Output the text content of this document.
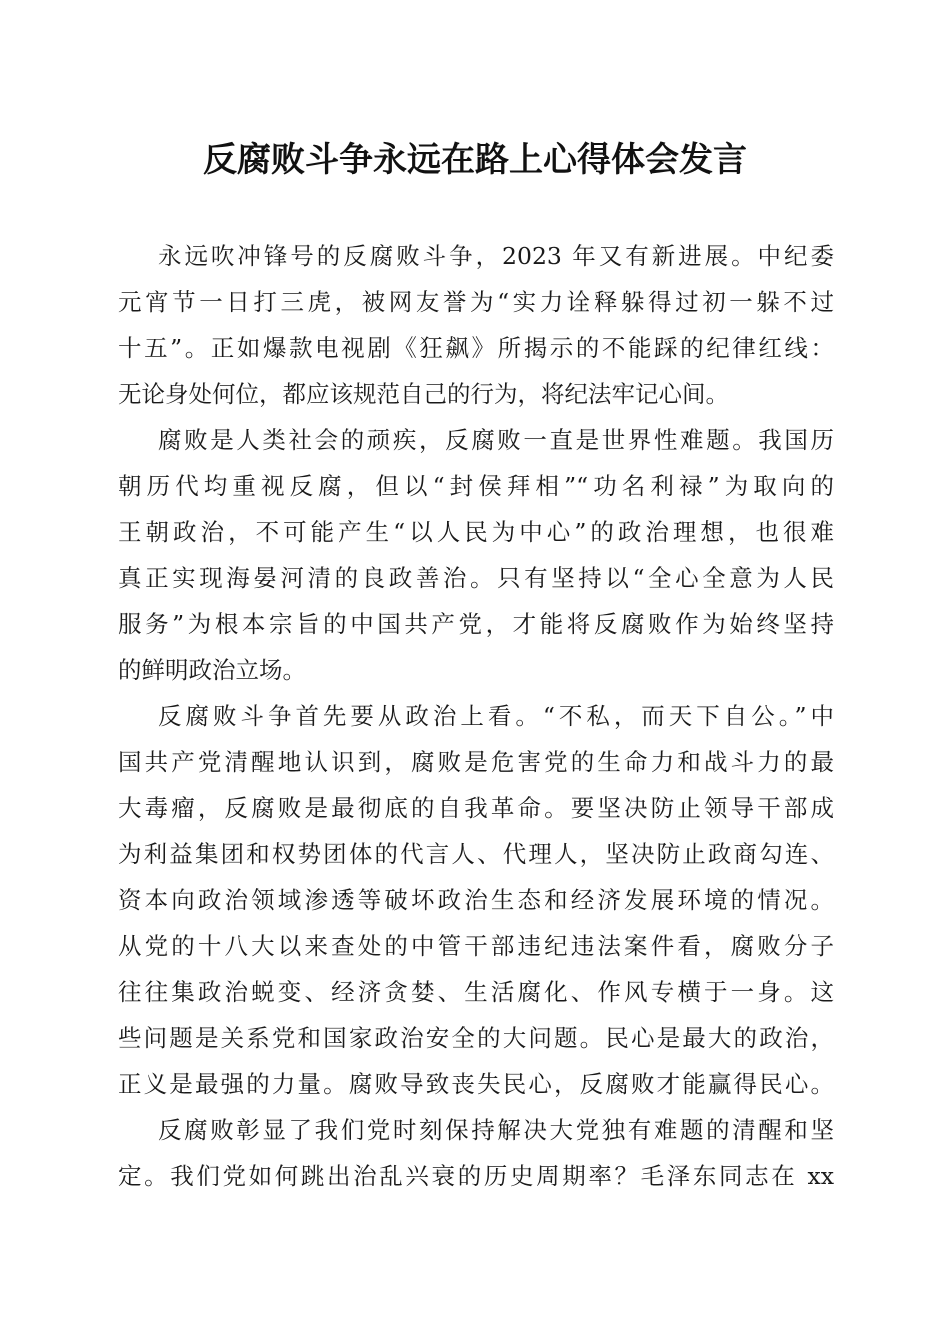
反腐败斗争永远在路上心得体会发言
永远吹冲锋号的反腐败斗争，2023 年又有新进展。中纪委
元宵节一日打三虎，被网友誉为“实力诠释躲得过初一躲不过
十五”。正如爆款电视剧《狂飙》所揭示的不能踩的纪律红线：
无论身处何位，都应该规范自己的行为，将纪法牢记心间。
腐败是人类社会的顽疾，反腐败一直是世界性难题。我国历
朝历代均重视反腐，但以“封侯拜相”“功名利禄”为取向的
王朝政治，不可能产生“以人民为中心”的政治理想，也很难
真正实现海晏河清的良政善治。只有坚持以“全心全意为人民
服务”为根本宗旨的中国共产党，才能将反腐败作为始终坚持
的鲜明政治立场。
反腐败斗争首先要从政治上看。“不私，而天下自公。”中
国共产党清醒地认识到，腐败是危害党的生命力和战斗力的最
大毒瘤，反腐败是最彻底的自我革命。要坚决防止领导干部成
为利益集团和权势团体的代言人、代理人，坚决防止政商勾连、
资本向政治领域渗透等破坏政治生态和经济发展环境的情况。
从党的十八大以来查处的中管干部违纪违法案件看，腐败分子
往往集政治蜕变、经济贪婪、生活腐化、作风专横于一身。这
些问题是关系党和国家政治安全的大问题。民心是最大的政治，
正义是最强的力量。腐败导致丧失民心，反腐败才能赢得民心。
反腐败彰显了我们党时刻保持解决大党独有难题的清醒和坚
定。我们党如何跳出治乱兴衰的历史周期率？毛泽东同志在 xx
